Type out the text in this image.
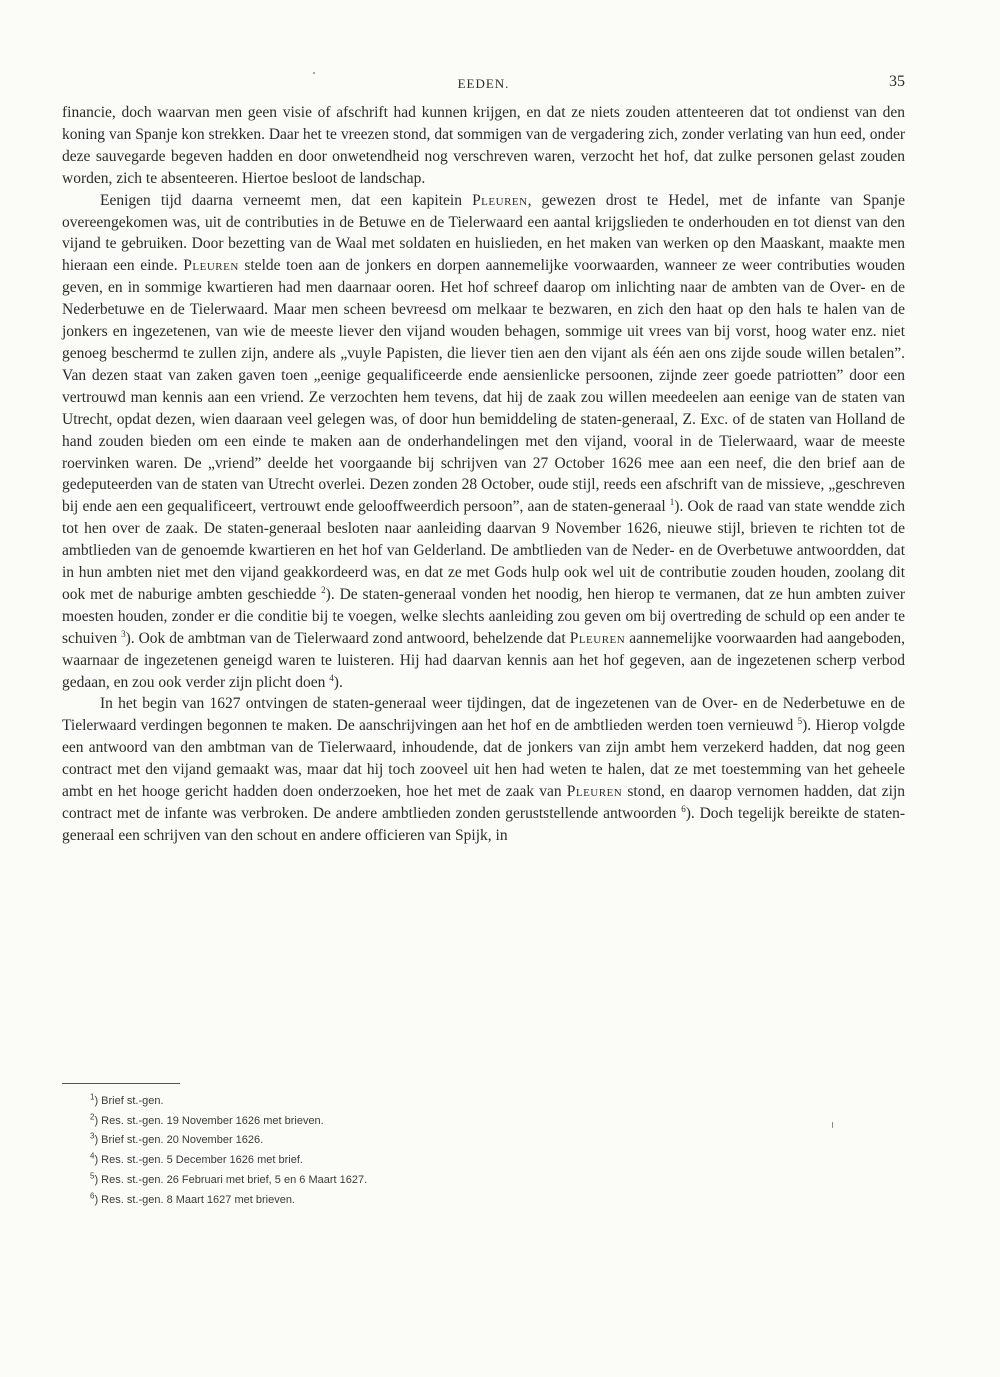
EEDEN.	35

financie, doch waarvan men geen visie of afschrift had kunnen krijgen, en dat ze niets zouden attenteeren dat tot ondienst van den koning van Spanje kon strekken. Daar het te vreezen stond, dat sommigen van de vergadering zich, zonder verlating van hun eed, onder deze sauvegarde begeven hadden en door onwetendheid nog verschreven waren, verzocht het hof, dat zulke personen gelast zouden worden, zich te absenteeren. Hiertoe besloot de landschap.

Eenigen tijd daarna verneemt men, dat een kapitein Pleuren, gewezen drost te Hedel, met de infante van Spanje overeengekomen was, uit de contributies in de Betuwe en de Tielerwaard een aantal krijgslieden te onderhouden en tot dienst van den vijand te gebruiken. Door bezetting van de Waal met soldaten en huislieden, en het maken van werken op den Maaskant, maakte men hieraan een einde. Pleuren stelde toen aan de jonkers en dorpen aannemelijke voorwaarden, wanneer ze weer contributies wouden geven, en in sommige kwartieren had men daarnaar ooren. Het hof schreef daarop om inlichting naar de ambten van de Over- en de Nederbetuwe en de Tielerwaard. Maar men scheen bevreesd om melkaar te bezwaren, en zich den haat op den hals te halen van de jonkers en ingezetenen, van wie de meeste liever den vijand wouden behagen, sommige uit vrees van bij vorst, hoog water enz. niet genoeg beschermd te zullen zijn, andere als „vuyle Papisten, die liever tien aen den vijant als één aen ons zijde soude willen betalen”. Van dezen staat van zaken gaven toen „eenige gequalificeerde ende aensienlicke persoonen, zijnde zeer goede patriotten” door een vertrouwd man kennis aan een vriend. Ze verzochten hem tevens, dat hij de zaak zou willen meedeelen aan eenige van de staten van Utrecht, opdat dezen, wien daaraan veel gelegen was, of door hun bemiddeling de staten-generaal, Z. Exc. of de staten van Holland de hand zouden bieden om een einde te maken aan de onderhandelingen met den vijand, vooral in de Tielerwaard, waar de meeste roervinken waren. De „vriend” deelde het voorgaande bij schrijven van 27 October 1626 mee aan een neef, die den brief aan de gedeputeerden van de staten van Utrecht overlei. Dezen zonden 28 October, oude stijl, reeds een afschrift van de missieve, „geschreven bij ende aen een gequalificeert, vertrouwt ende gelooffweerdich persoon”, aan de staten-generaal $^1$). Ook de raad van state wendde zich tot hen over de zaak. De staten-generaal besloten naar aanleiding daarvan 9 November 1626, nieuwe stijl, brieven te richten tot de ambtlieden van de genoemde kwartieren en het hof van Gelderland. De ambtlieden van de Neder- en de Overbetuwe antwoordden, dat in hun ambten niet met den vijand geakkordeerd was, en dat ze met Gods hulp ook wel uit de contributie zouden houden, zoolang dit ook met de naburige ambten geschiedde $^2$). De staten-generaal vonden het noodig, hen hierop te vermanen, dat ze hun ambten zuiver moesten houden, zonder er die conditie bij te voegen, welke slechts aanleiding zou geven om bij overtreding de schuld op een ander te schuiven $^3$). Ook de ambtman van de Tielerwaard zond antwoord, behelzende dat Pleuren aannemelijke voorwaarden had aangeboden, waarnaar de ingezetenen geneigd waren te luisteren. Hij had daarvan kennis aan het hof gegeven, aan de ingezetenen scherp verbod gedaan, en zou ook verder zijn plicht doen $^4$).

In het begin van 1627 ontvingen de staten-generaal weer tijdingen, dat de ingezetenen van de Over- en de Nederbetuwe en de Tielerwaard verdingen begonnen te maken. De aanschrijvingen aan het hof en de ambtlieden werden toen vernieuwd $^5$). Hierop volgde een antwoord van den ambtman van de Tielerwaard, inhoudende, dat de jonkers van zijn ambt hem verzekerd hadden, dat nog geen contract met den vijand gemaakt was, maar dat hij toch zooveel uit hen had weten te halen, dat ze met toestemming van het geheele ambt en het hooge gericht hadden doen onderzoeken, hoe het met de zaak van Pleuren stond, en daarop vernomen hadden, dat zijn contract met de infante was verbroken. De andere ambtlieden zonden geruststellende antwoorden $^6$). Doch tegelijk bereikte de staten-generaal een schrijven van den schout en andere officieren van Spijk, in

$^1$) Brief st.-gen.
$^2$) Res. st.-gen. 19 November 1626 met brieven.
$^3$) Brief st.-gen. 20 November 1626.
$^4$) Res. st.-gen. 5 December 1626 met brief.
$^5$) Res. st.-gen. 26 Februari met brief, 5 en 6 Maart 1627.
$^6$) Res. st.-gen. 8 Maart 1627 met brieven.
